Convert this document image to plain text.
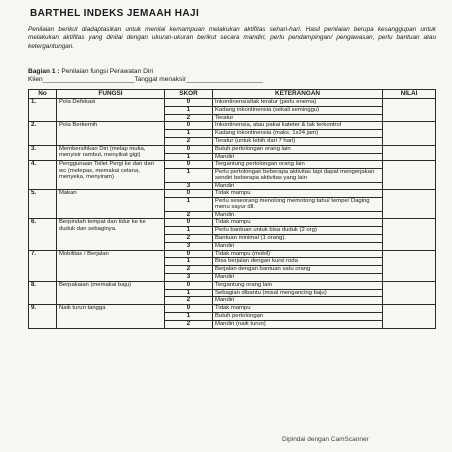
BARTHEL INDEKS JEMAAH HAJI
Penilaian berikut diadaptasikan untuk menilai kemampuan melakukan aktifitas sehari-hari. Hasil penilaian berupa kesanggupan untuk melakukan aktifitas yang dinilai dengan ukuran-ukuran berikut secara mandiri, perlu pendampingan/ pengawasan, perlu bantuan atau ketergantungan.
Bagian 1 : Penilaian fungsi Perawatan Diri
Klien_________________________Tanggal menaksir_____________________
No	FUNGSI	SKOR	KETERANGAN	NILAI
1.	Pola Defekasi	0	Inkontinensia/tak teratur (perlu enema)	
		1	Kadang inkontinensia (sekali seminggu)	
		2	Teratur	
2.	Pola Berkemih	0	Inkontinensia, atau pakai kateter & tak terkontrol	
		1	Kadang inkontinensia (maks. 1x24 jam)	
		2	Teratur (untuk lebih dari 7 hari)	
3.	Membersihkan Diri (melap muka, menyisir rambut, menyikat gigi)	0	Butuh pertolongan orang lain	
		1	Mandiri	
4.	Penggunaan Toilet Pergi ke dan dari wc (melepas, memakai celana, menyeka, menyiram)	0	Tergantung pertolongan orang lain	
		1	Perlu pertolongan beberapa aktivitas tapi dapat mengerjakan sendiri beberapa aktivitas yang lain	
		3	Mandiri	
5.	Makan	0	Tidak mampu	
		1	Perlu seseorang menolong memotong tahu/ tempe/ Daging menu sayur dll.	
		2	Mandiri.	
6.	Berpindah tempat dan tidur ke ke duduk dan sebaginya.	0	Tidak mampu	
		1	Perlu bantuan untuk bisa duduk (2 org)	
		2	Bantuan minimal (1 orang).	
		3	Mandiri	
7.	Mobilitas / Berjalan	0	Tidak mampu (mobil)	
		1	Bisa berjalan dengan kursi roda	
		2	Berjalan dengan bantuan satu orang	
		3	Mandiri	
8.	Berpakaian (memakai baju)	0	Tergantung orang lain	
		1	Sebagian dibantu (misal mengancing baju)	
		2	Mandiri	
9.	Naik turun tangga	0	Tidak mampu	
		1	Butuh pertolongan	
		2	Mandiri (naik turun)	
Dipindai dengan CamScanner
